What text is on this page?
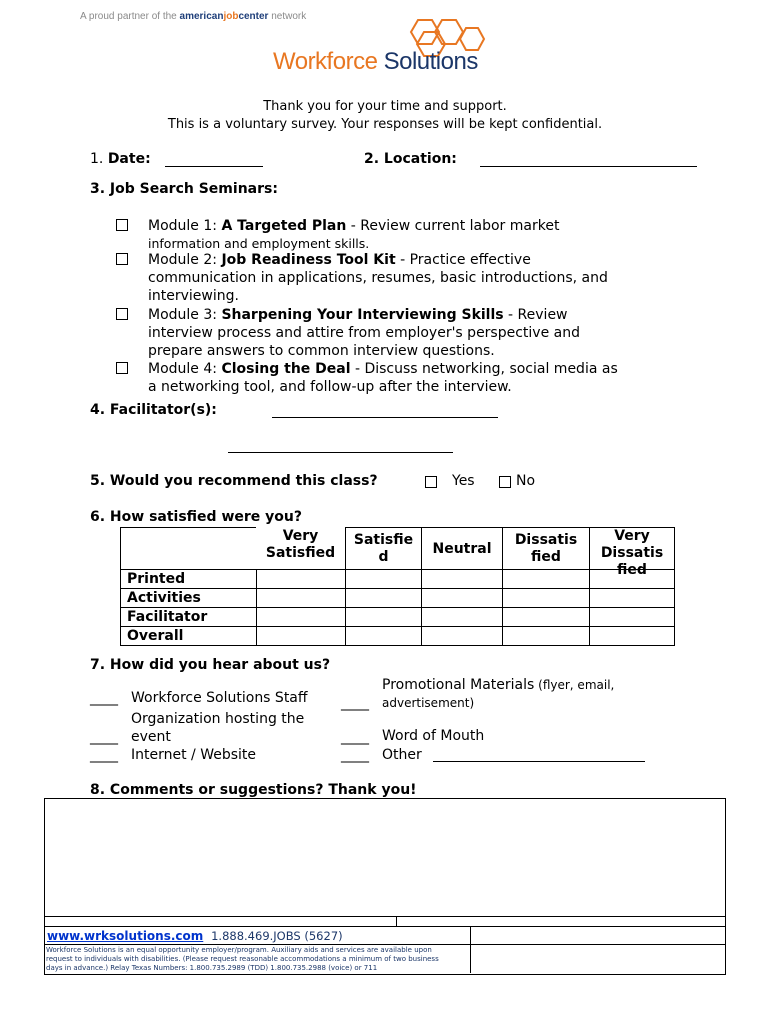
A proud partner of the americanjobcenter network
Workforce Solutions
Thank you for your time and support.
This is a voluntary survey. Your responses will be kept confidential.
1. Date:	2. Location:
3. Job Search Seminars:
Module 1: A Targeted Plan - Review current labor market
information and employment skills.
Module 2: Job Readiness Tool Kit - Practice effective
communication in applications, resumes, basic introductions, and
interviewing.
Module 3: Sharpening Your Interviewing Skills - Review
interview process and attire from employer's perspective and
prepare answers to common interview questions.
Module 4: Closing the Deal - Discuss networking, social media as
a networking tool, and follow-up after the interview.
4. Facilitator(s):
5. Would you recommend this class?	Yes	No
6. How satisfied were you?
	Very
Satisfied	Satisfie
d	Neutral	Dissatis
fied	Very
Dissatis
fied

Printed					
Activities					
Facilitator					
Overall					
7. How did you hear about us?
____ Workforce Solutions Staff
Organization hosting the
event
____
____ Internet / Website
Promotional Materials (flyer, email,
advertisement)
____
____ Word of Mouth
____ Other
8. Comments or suggestions? Thank you!
www.wrksolutions.com 1.888.469.JOBS (5627)
Workforce Solutions is an equal opportunity employer/program. Auxiliary aids and services are available upon
request to individuals with disabilities. (Please request reasonable accommodations a minimum of two business
days in advance.) Relay Texas Numbers: 1.800.735.2989 (TDD) 1.800.735.2988 (voice) or 711
